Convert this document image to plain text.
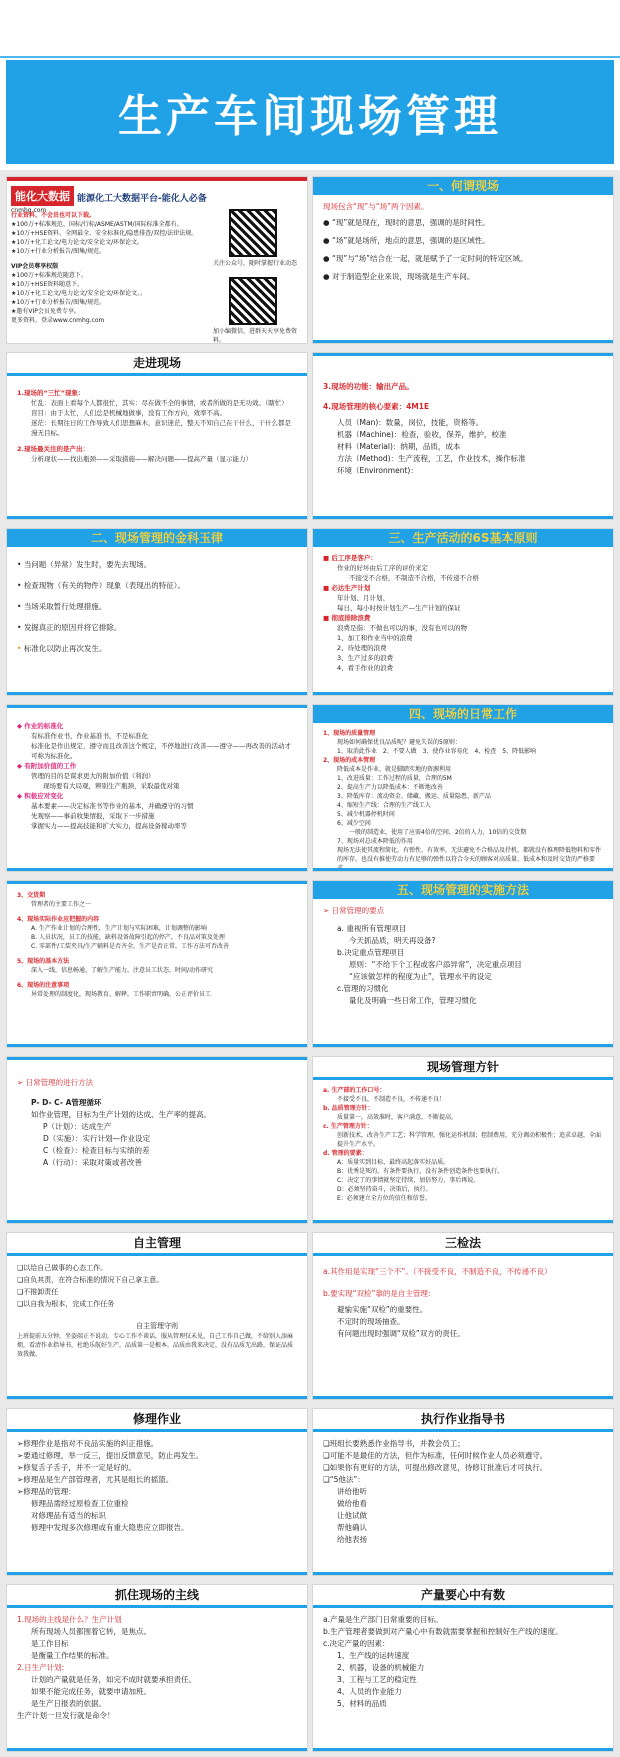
生产车间现场管理
能化大数据
cnmhg.com
能源化工大数据平台-能化人必备
行业资料、不会员也可以下载。
★100万+标准规范、国标/行标/ASME/ASTM/国际标准全都有。
★10万+HSE资料、全网最全，安全标准化/隐患排查/双控/法律法规。
★10万+化工论文/电力论文/安全论文/环保论文。
★10万+行业分析报告/图集/规范。
VIP会员尊享权限
★100万+标准规范随意下。
★10万+HSE资料随意下。
★10万+化工论文/电力论文/安全论文/环保论文。。
★10万+行业分析报告/图集/规范。
★邀有VIP会员免费专享。
更多资料，登录www.cnmhg.com
关注公众号，随时掌握行业动态
加小编微信，进群天天享免费资料。
一、何谓现场

现场包含“现”与“场”两个因素。

● “现”就是现在，现时的意思，强调的是时间性。

● “场”就是场所，地点的意思，强调的是区域性。

● “现”与“场”结合在一起，就是赋予了一定时间的特定区域。

● 对于制造型企业来说，现场就是生产车间。

走进现场

1.现场的“三忙”现象：

忙乱：表面上看每个人都很忙，其实：尽在做不全的事情，或者所做的是无功效。（瞎忙）

盲目：由于太忙，人们总是机械地做事，没有工作方向，效率不高。

迷茫：长期往日的工作导致人们思想麻木，意识迷茫，整天不知自己在干什么，干什么都是漫无目标。

2.现场最关注的是产出：

分析现状——找出瓶颈——采取措施——解决问题——提高产量（显示能力）

3.现场的功能：输出产品。

4.现场管理的核心要素：4M1E

人员（Man)：数量，岗位，技能，资格等。

机器（Machine)：检查，验收，保养，维护，校准

材料（Material)：纳期，品质，成本

方法（Method)：生产流程，工艺，作业技术，操作标准

环境（Environment)：

二、现场管理的金科玉律

• 当问题（异常）发生时，要先去现场。

• 检查现物（有关的物件）现象（表现出的特征）。

• 当场采取暂行处理措施。

• 发掘真正的原因并将它排除。

• 标准化以防止再次发生。

三、生产活动的6S基本原则

■ 后工序是客户：

作业的好坏由后工序的评价来定

不接受不合格，不制造不合格，不传递不合格

■ 必达生产计划

年计划、月计划、

每日、每小时按计划生产—生产计划的保证

■ 彻底排除浪费

浪费是指：不做也可以的事，没有也可以的物

1、加工和作业当中的浪费

2、待处理的浪费

3、生产过多的浪费

4、看手作业的浪费

◆ 作业的标准化

有标准作业书，作业基准书，不是标准化

标准化是作出规定，遵守而且改善这个规定，不停地进行改善——遵守——再改善的活动才可称为标准化。

◆ 有附加价值的工作

管理的目的是谋求更大的附加价值（利润）

现场要有大局观，辨别生产瓶颈，采取最优对策

◆ 积极应对变化

基本要素——决定标准书等作业的基本，并确遵守的习惯

先观察——事前收集情报，采取下一步措施

掌握实力——提高技能和扩大实力，提高设备稼动率等

四、现场的日常工作

1、现场的质量管理

现场如何确保优良品质呢？避免失误的5原则：

1、取消此作业　2、不要人做　3、使作业容易化　4、检查　5、降低影响

2、现场的成本管理

降低成本是作业，就是脚踏实地的资源利用

1、改进质量：工作过程的质量，合理的5M

2、提高生产力以降低成本：不断地改善

3、降低库存：流动资金、储藏、搬运、质量隐患、新产品

4、缩短生产线：合理的生产线工人

5、减少机器停机时间

6、减少空间

一般的制造业，使用了应需4倍的空间，2倍的人力，10倍的交货期

7、现场对总成本降低的作用

现场无法使其流程简化，有弹性、有效率，无法避免不合格品及抒机，都就没有推理降低物料和零件的库存。也没有推使劳动力有足够的弹性以符合今天的顾客对高质量、低成本和及时交货的严格要

3、交货期

管理者的主要工作之一

4、现场实际作业应把握的内容

A. 生产作业计划的合理性，生产计划与实际困难，计划调整的影响

B. 人员状况，员工的技能，缺料设备故障引起的停产，不良品对策及处理

C. 零部件/工装夹具/生产辅料是否齐全，生产是否正常，工作方法可否改善

5、现场的基本方法

深入一线，信息畅通，了解生产能力，注意员工状态，时间/动作研究

6、现场的注意事项

异常处理的制度化，现场教育、解释，工作职责明确，公正评价员工

五、现场管理的实施方法

➢ 日常管理的要点

a. 重视所有管理项目

今天抓品质，明天再设备?

b.决定重点管理项目

原则：“不给下个工程或客户添异常”，决定重点项目

“应该做怎样的程度为止”，管理水平的设定

c.管理的习惯化

量化及明确一些日常工作，管理习惯化

➢ 日常管理的进行方法

P- D- C- A管理循环

如作业管理，目标为生产计划的达成、生产率的提高。

P（计划）：达成生产

D（实施）：实行计划—作业设定

C（检查）：检查目标与实绩的差

A（行动）：采取对策或者改善

现场管理方针

a. 生产部的工作口号：

不接受不良，不制造不良，不传递不良！

b. 品质管理方针：

质量第一，高效准时，客户满意，不断提高。

c. 生产管理方针：

创新技术，改善生产工艺；科学管理，强化运作机制；控制费用，充分调动积极性；追求卓越，全面提升生产水平。

d. 管理的要素：

A：质量实到目标，最终高起落实好品质。

B：优秀是死的，有条件要执行，没有条件创造条件也要执行。

C：决定了的事情就坚定持续，加倍努力，事后再说。

D：必须坚持奋斗，决策后，执行。

E：必须建立全方位的信任和信誉。

自主管理

❑以给自己做事的心态工作。

❑自负其责，在符合标准的情况下自己拿主意。

❑不推卸责任

❑以自我为根本，完成工作任务

自主管理守则

上班提前五分钟，坐姿端正不说动，专心工作不谈话，服从管理仅未见，自己工作自己做，不给别人添麻烦，看清作业指导书，杜绝乐航好生产，品质第一是根本，品质由我来决定，没有品质无出路，保证品质效我做。

三检法

a.其作用是实现“三个不”。（不接受不良，不制造不良，不传递不良）

b.要实现“双检”靠的是自主管理：

避愉实施“双检”的重要性。

不定时的现场抽查。

有问题出现时强调“双检”双方的责任。

修理作业

➢修理作业是指对不良品实施的纠正措施。

➢要通过修理，举一反三，提出反馈意见，防止再发生。

➢修复舌子舌子，并不一定是好的。

➢修理品是生产部管理者，尤其是组长的摇篮。

➢修理品的管理：

修理品需经过原检查工位重检

对修理品有适当的标识

修理中发现多次修理或有重大隐患应立即报告。

执行作业指导书

❑班组长要熟悉作业指导书，并教会员工；

❑可能不是最佳的方法，但作为标准，任何时候作业人员必须遵守。

❑如果你有更好的方法，可提出修改意见，待修订批准后才可执行。

❑“5他法”：

讲给他听

做给他看

让他试做

帮他确认

给他表扬

抓住现场的主线

1.现场的主线是什么？生产计划

所有现场人员都围着它转，是焦点。

是工作目标

是衡量工作结果的标准。

2.日生产计划:

计划的产量就是任务，如完不成时就要承担责任。

如果不能完成任务，就要申请加班。

是生产日报表的依据。

生产计划一旦发行就是命令！

产量要心中有数

a.产量是生产部门日常重要的目标。

b.生产管理者要做到对产量心中有数就需要掌握和控制好生产线的速度。

c.决定产量的因素：

1、生产线的运转速度

2、机器，设备的机械能力

3、工程与工艺的稳定性

4、人员的作业能力

5、材料的品质
